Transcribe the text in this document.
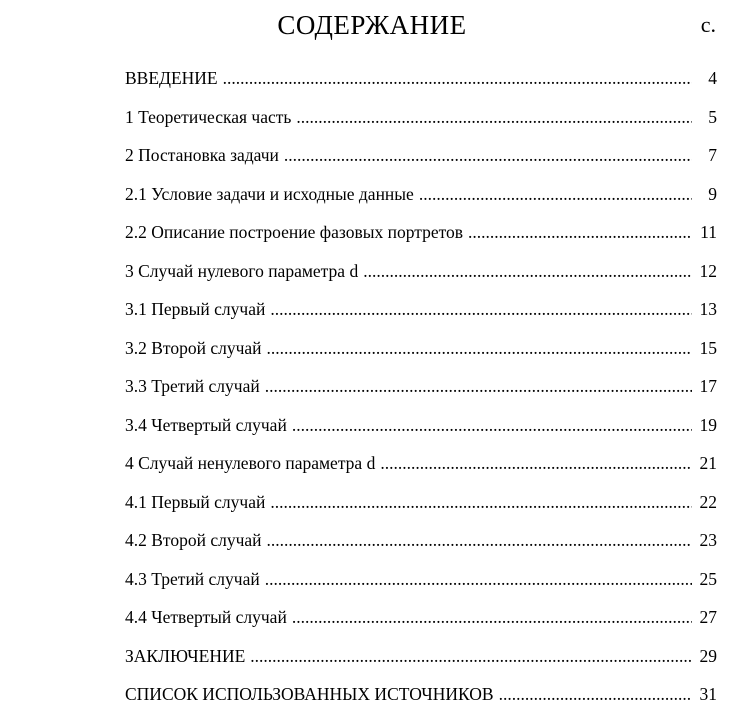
СОДЕРЖАНИЕ	с.
ВВЕДЕНИЕ .....	4
1 Теоретическая часть .....	5
2 Постановка задачи .....	7
2.1 Условие задачи и исходные данные .....	9
2.2 Описание построение фазовых портретов .....	11
3 Случай нулевого параметра d .....	12
3.1 Первый случай .....	13
3.2 Второй случай .....	15
3.3 Третий случай .....	17
3.4 Четвертый случай .....	19
4 Случай ненулевого параметра d .....	21
4.1 Первый случай .....	22
4.2 Второй случай .....	23
4.3 Третий случай .....	25
4.4 Четвертый случай .....	27
ЗАКЛЮЧЕНИЕ .....	29
СПИСОК ИСПОЛЬЗОВАННЫХ ИСТОЧНИКОВ .....	31
